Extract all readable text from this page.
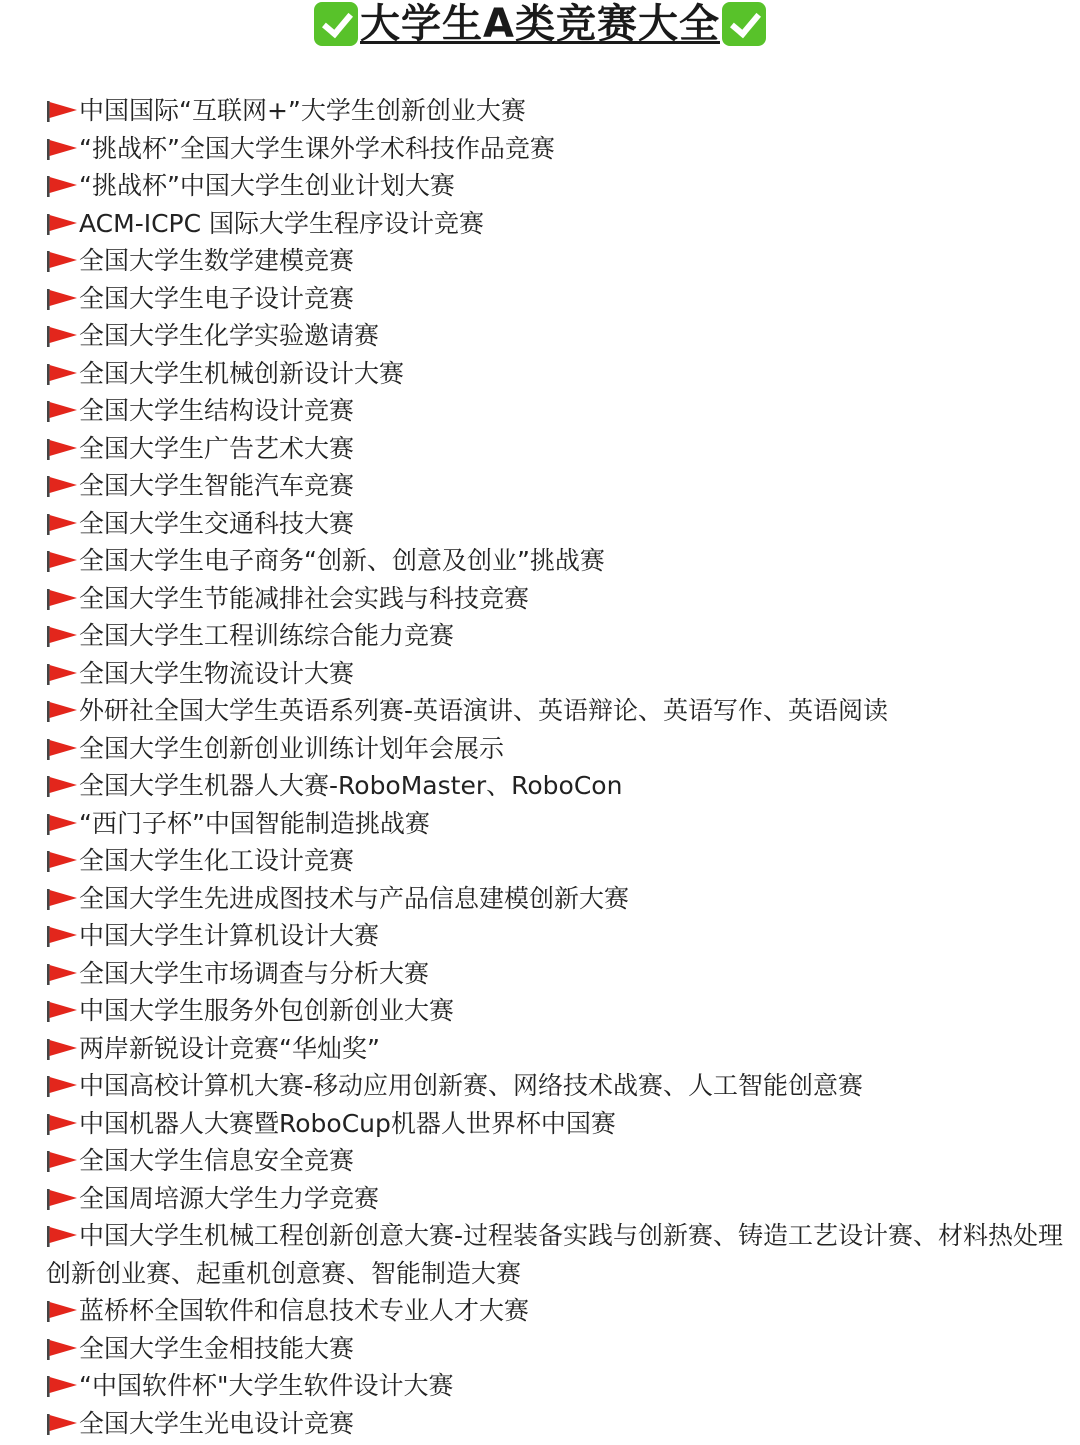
大学生A类竞赛大全
中国国际“互联网+”大学生创新创业大赛
“挑战杯”全国大学生课外学术科技作品竞赛
“挑战杯”中国大学生创业计划大赛
ACM-ICPC 国际大学生程序设计竞赛
全国大学生数学建模竞赛
全国大学生电子设计竞赛
全国大学生化学实验邀请赛
全国大学生机械创新设计大赛
全国大学生结构设计竞赛
全国大学生广告艺术大赛
全国大学生智能汽车竞赛
全国大学生交通科技大赛
全国大学生电子商务“创新、创意及创业”挑战赛
全国大学生节能减排社会实践与科技竞赛
全国大学生工程训练综合能力竞赛
全国大学生物流设计大赛
外研社全国大学生英语系列赛-英语演讲、英语辩论、英语写作、英语阅读
全国大学生创新创业训练计划年会展示
全国大学生机器人大赛-RoboMaster、RoboCon
“西门子杯”中国智能制造挑战赛
全国大学生化工设计竞赛
全国大学生先进成图技术与产品信息建模创新大赛
中国大学生计算机设计大赛
全国大学生市场调查与分析大赛
中国大学生服务外包创新创业大赛
两岸新锐设计竞赛“华灿奖”
中国高校计算机大赛-移动应用创新赛、网络技术战赛、人工智能创意赛
中国机器人大赛暨RoboCup机器人世界杯中国赛
全国大学生信息安全竞赛
全国周培源大学生力学竞赛
中国大学生机械工程创新创意大赛-过程装备实践与创新赛、铸造工艺设计赛、材料热处理创新创业赛、起重机创意赛、智能制造大赛
蓝桥杯全国软件和信息技术专业人才大赛
全国大学生金相技能大赛
“中国软件杯"大学生软件设计大赛
全国大学生光电设计竞赛
